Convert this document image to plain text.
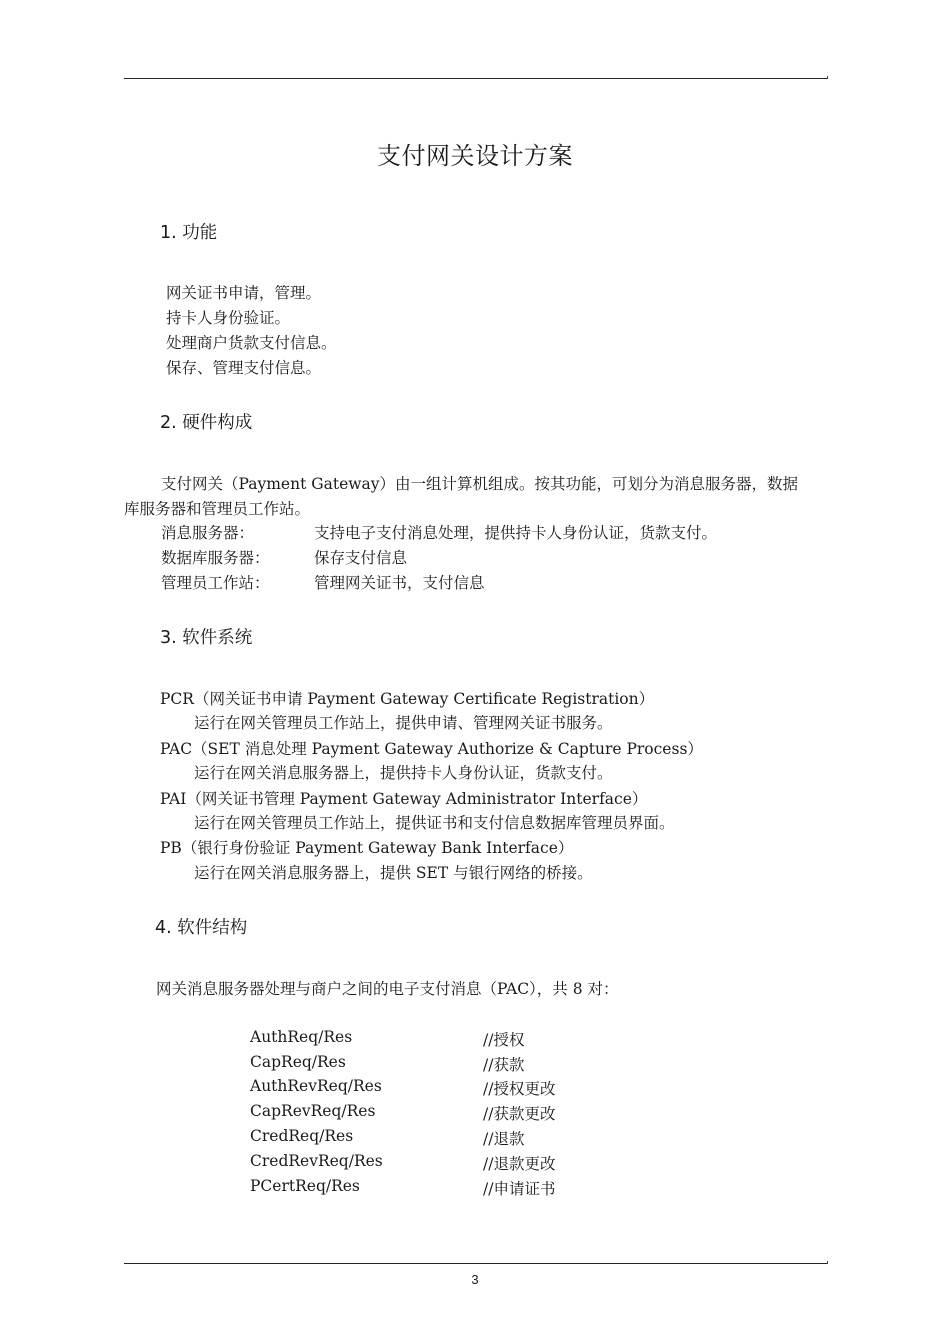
支付网关设计方案
1. 功能
网关证书申请，管理。
持卡人身份验证。
处理商户货款支付信息。
保存、管理支付信息。
2. 硬件构成
支付网关（Payment Gateway）由一组计算机组成。按其功能，可划分为消息服务器，数据
库服务器和管理员工作站。
消息服务器：	支持电子支付消息处理，提供持卡人身份认证，货款支付。
数据库服务器：	保存支付信息
管理员工作站：	管理网关证书，支付信息
3. 软件系统
PCR（网关证书申请 Payment Gateway Certificate Registration）
运行在网关管理员工作站上，提供申请、管理网关证书服务。
PAC（SET 消息处理 Payment Gateway Authorize & Capture Process）
运行在网关消息服务器上，提供持卡人身份认证，货款支付。
PAI（网关证书管理 Payment Gateway Administrator Interface）
运行在网关管理员工作站上，提供证书和支付信息数据库管理员界面。
PB（银行身份验证 Payment Gateway Bank Interface）
运行在网关消息服务器上，提供 SET 与银行网络的桥接。
4. 软件结构
网关消息服务器处理与商户之间的电子支付消息（PAC），共 8 对：
AuthReq/Res	//授权
CapReq/Res	//获款
AuthRevReq/Res	//授权更改
CapRevReq/Res	//获款更改
CredReq/Res	//退款
CredRevReq/Res	//退款更改
PCertReq/Res	//申请证书
3
